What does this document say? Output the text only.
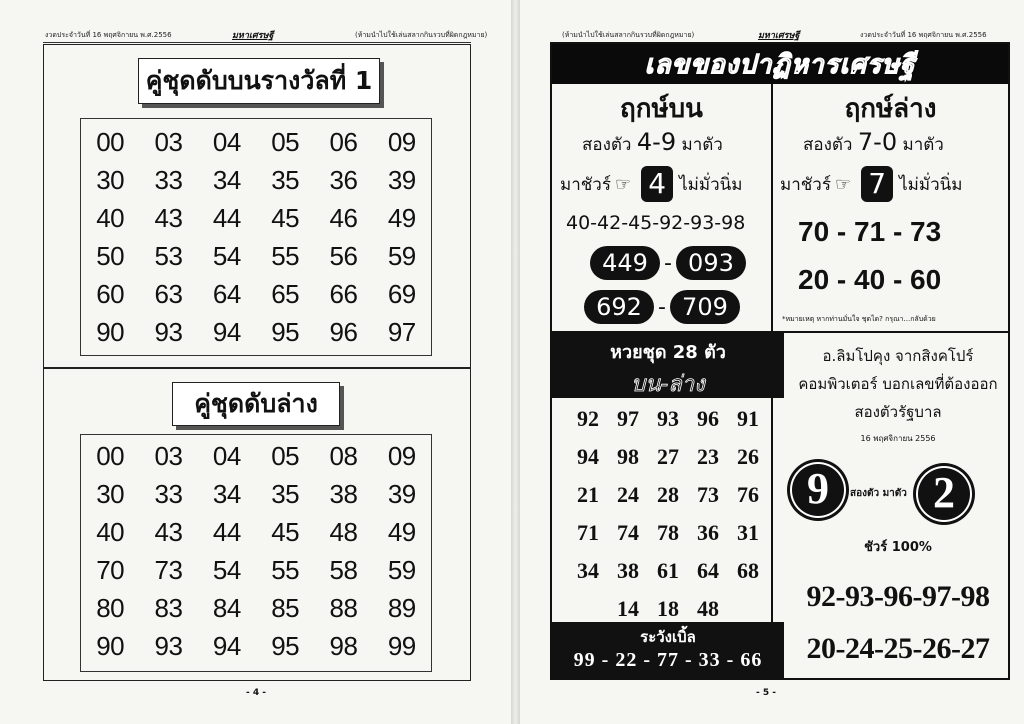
งวดประจำวันที่ 16 พฤศจิกายน พ.ศ.2556	มหาเศรษฐี	(ห้ามนำไปใช้เล่นสลากกินรวบที่ผิดกฎหมาย)
คู่ชุดดับบนรางวัลที่ 1
00	03	04	05	06	09
30	33	34	35	36	39
40	43	44	45	46	49
50	53	54	55	56	59
60	63	64	65	66	69
90	93	94	95	96	97
คู่ชุดดับล่าง
00	03	04	05	08	09
30	33	34	35	38	39
40	43	44	45	48	49
70	73	54	55	58	59
80	83	84	85	88	89
90	93	94	95	98	99
- 4 -
(ห้ามนำไปใช้เล่นสลากกินรวบที่ผิดกฎหมาย)	มหาเศรษฐี	งวดประจำวันที่ 16 พฤศจิกายน พ.ศ.2556
เลขของปาฏิหารเศรษฐี
ฤกษ์บน
สองตัว 4-9 มาตัว
มาชัวร์ ☞ 4 ไม่มั่วนิ่ม
40-42-45-92-93-98
449 - 093
692 - 709
ฤกษ์ล่าง
สองตัว 7-0 มาตัว
มาชัวร์ ☞ 7 ไม่มั่วนิ่ม
70 - 71 - 73
20 - 40 - 60
*หมายเหตุ หากท่านมั่นใจ ชุดได? กรุณา...กลับด้วย
หวยชุด 28 ตัว
บน-ล่าง
92 97 93 96 91
94 98 27 23 26
21 24 28 73 76
71 74 78 36 31
34 38 61 64 68
14 18 48
ระวังเบิ้ล
99 - 22 - 77 - 33 - 66
อ.ลิมโปคุง จากสิงคโปร์
คอมพิวเตอร์ บอกเลขที่ต้องออก
สองตัวรัฐบาล
16 พฤศจิกายน 2556
9	สองตัว มาตัว 2
ชัวร์ 100%
92-93-96-97-98
20-24-25-26-27
- 5 -
